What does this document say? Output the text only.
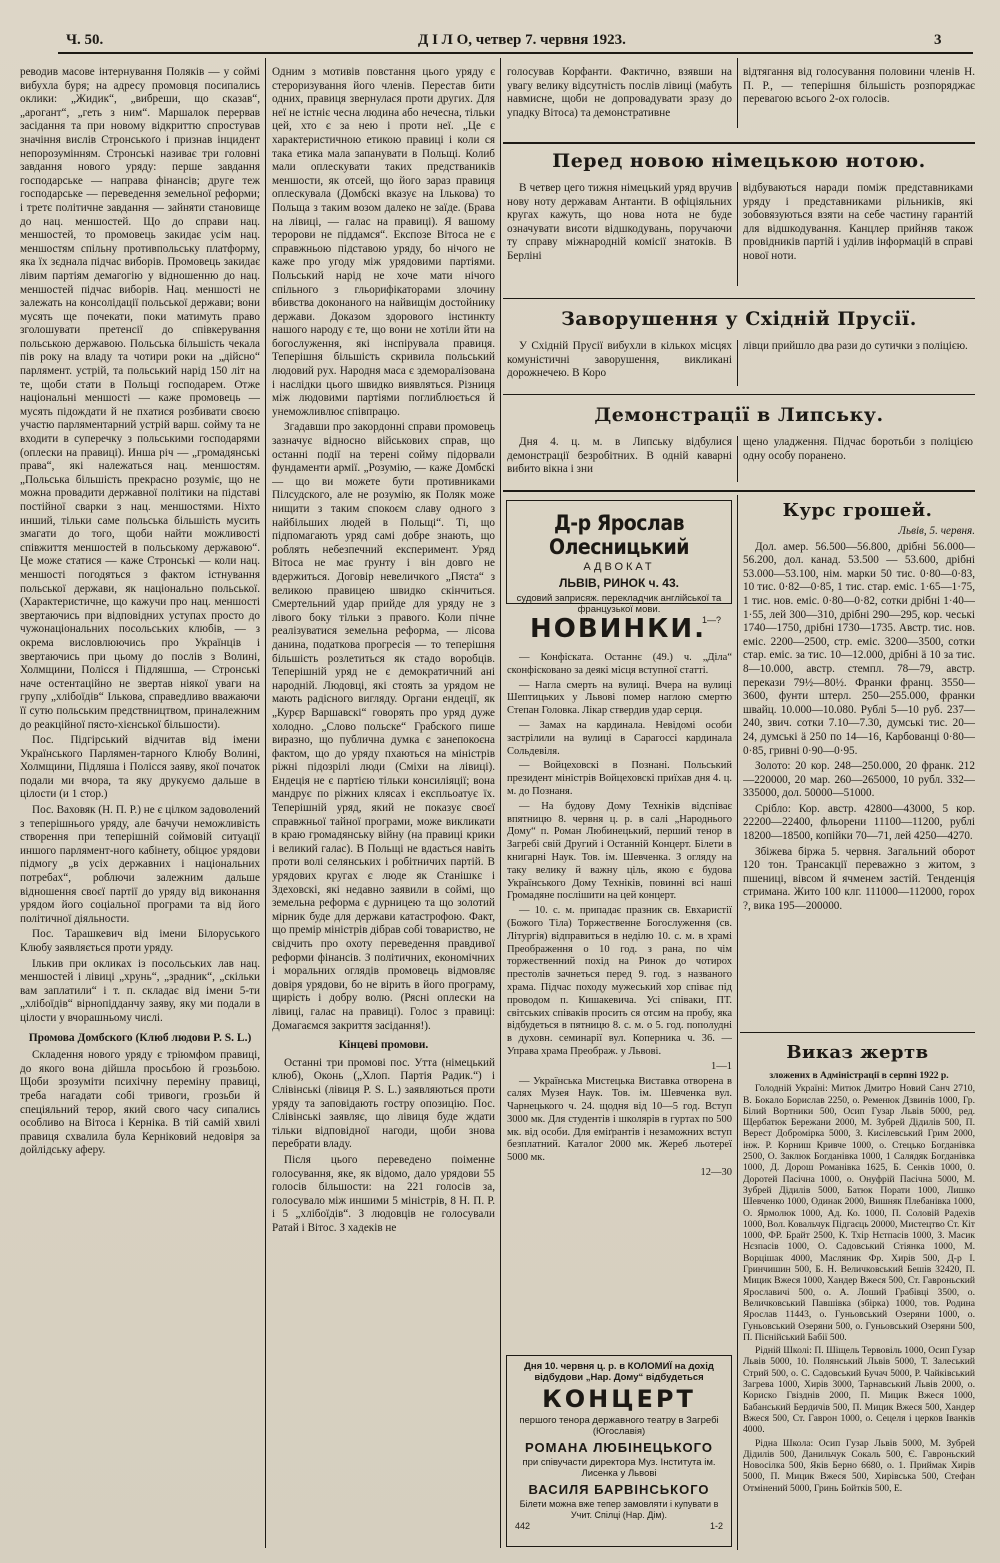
Ч. 50.	Д І Л О, четвер 7. червня 1923.	3

реводив масове інтернування Поляків — у соймі вибухла буря; на адресу промовця посипались оклики: „Жидик“, „вибреши, що сказав“, „арогант“, „геть з ним“. Маршалок перервав засідання та при новому відкриттю спростував значіння вислів Стронськоґо і признав інцидент непорозумінням. Стронські називає три головні завдання нового уряду: перше завдання господарське — направа фінансів; друге теж господарське — переведення земельної реформи; і третє політичне завдання — зайняти становище до нац. меншостей. Що до справи нац. меншостей, то промовець закидає усім нац. меншостям спільну противпольську платформу, яка їх зєднала підчас виборів. Промовець закидає лівим партіям демагогію у відношенню до нац. меншостей підчас виборів. Нац. меншості не залежать на консолідації польської держави; вони мусять ще почекати, поки матимуть право зголошувати претенсії до співкерування польською державою. Польська більшість чекала пів року на владу та чотири роки на „дійсно“ парлямент. устрій, та польський нарід 150 літ на те, щоби стати в Польщі господарем. Отже національні меншості — каже промовець — мусять підождати й не пхатися розбивати своєю участю парляментарний устрій варш. сойму та не входити в суперечку з польськими господарями (оплески на правиці). Инша річ — „громадянські права“, які належаться нац. меншостям. „Польська більшість прекрасно розуміє, що не можна провадити державної політики на підставі постійної сварки з нац. меншостями. Ніхто инший, тільки саме польська більшість мусить змагати до того, щоби найти можливості співжиття меншостей в польському державою“. Це може статися — каже Стронські — коли нац. меншості погодяться з фактом істнування польської держави, як національно польської. (Характеристичне, що кажучи про нац. меншості звертаючись при відповідних уступах просто до чужонаціональних посольських клюбів, — з окрема висловлюючись про Українців і звертаючись при цьому до послів з Волині, Холмщини, Полісся і Підляшша, — Стронські наче остентаційно не звертав ніякої уваги на групу „хлібоїдів“ Ількова, справедливо вважаючи її сутю польським предствництвом, приналежним до реакційної пясто-хієнської більшости).

Пос. Підгірський відчитав від імени Українського Парлямен-тарного Клюбу Волині, Холмщини, Підляша і Полісся заяву, якої початок подали ми вчора, та яку друкуємо дальше в цілости (и 1 стор.)

Пос. Ваховяк (Н. П. Р.) не є цілком задоволений з теперішнього уряду, але бачучи неможливість створення при теперішній соймовій ситуації иншого парлямент-ного кабінету, обіцює урядови підмогу „в усіх державних і національних потребах“, роблючи залежним дальше відношення своєї партії до уряду від виконання урядом його соціальної програми та від його політичної діяльности.

Пос. Тарашкевич від імени Білоруського Клюбу заявляється проти уряду.

Ількив при окликах із посольських лав нац. меншостей і лівиці „хрунь“, „зрадник“, „скільки вам заплатили“ і т. п. складає від імени 5-ти „хлібоїдів“ вірнопідданчу заяву, яку ми подали в цілости у вчорашньому числі.

Промова Домбского (Клюб людови P. S. L.)

Складення нового уряду є тріюмфом правиці, до якого вона дійшла просьбою й грозьбою. Щоби зрозуміти психічну переміну правиці, треба нагадати собі тривоги, грозьби й спеціяльний терор, який свого часу сипались особливо на Вітоса і Керніка. В тій самій хвилі правиця схвалила була Керніковий недовіря за дойлідську аферу.

Одним з мотивів повстання цього уряду є стероризування його членів. Перестав бити одних, правиця звернулася проти других. Для неї не істніє чесна людина або нечесна, тільки цей, хто є за нею і проти неї. „Це є характеристичною етикою правиці і коли ся така етика мала запанувати в Польщі. Колиб мали оплескувати таких предстваників меншости, як отсей, що його зараз правиця оплескувала (Домбскі вказує на Ількова) то Польща з таким возом далеко не заїде. (Брава на лівиці, — галас на правиці). Я вашому теророви не піддамся“. Експозе Вітоса не є справжньою підставою уряду, бо нічого не каже про угоду між урядовими партіями. Польський нарід не хоче мати нічого спільного з гльорифікаторами злочину вбивства доконаного на найвищім достойнику держави. Доказом здорового інстинкту нашого народу є те, що вони не хотіли йти на богослуження, які інспірувала правиця. Теперішня більшість скривила польський людовий рух. Народня маса є здеморалізована і наслідки цього швидко виявляться. Різниця між людовими партіями поглиблюється й унеможливлює співпрацю.

Згадавши про закордонні справи промовець зазначує відносно військових справ, що останні події на терені сойму підорвали фундаменти армії. „Розумію, — каже Домбскі — що ви можете бути противниками Пілсудского, але не розумію, як Поляк може нищити з таким спокоєм славу одного з найбільших людей в Польщі“. Ті, що підпомагають уряд самі добре знають, що роблять небезпечний експеримент. Уряд Вітоса не має ґрунту і він довго не вдержиться. Договір невеличкого „Пяста“ з великою правицею швидко скінчиться. Смертельний удар прийде для уряду не з лівого боку тільки з правого. Коли пічне реалізуватися земельна реформа, — лісова данина, податкова прогресія — то теперішня більшість розлетиться як стадо воробців. Теперішній уряд не є демократичний ані народній. Людовці, які стоять за урядом не мають радісного вигляду. Органи ендеції, як „Курєр Варшавскі“ говорять про уряд дуже холодно. „Слово польске“ Грабского пише виразно, що публична думка є занепокоєна фактом, що до уряду пхаються на міністрів ріжні підозрілі люди (Сміхи на лівиці). Ендеція не є партією тільки консиліяції; вона мандрує по ріжних клясах і експльоатує їх. Теперішній уряд, який не показує своєї справжньої тайної програми, може викликати в краю громадянську війну (на правиці крики і великий галас). В Польщі не вдасться навіть проти волі селянських і робітничих партій. В урядових кругах є люде як Станішкє і Здеховскі, які недавно заявили в соймі, що земельна реформа є дурницею та що золотий мірник буде для держави катастрофою. Факт, що премір міністрів дібрав собі товариство, не свідчить про охоту переведення правдивої реформи фінансів. З політичних, економічних і моральних оглядів промовець відмовляє довіря урядови, бо не вірить в його програму, щирість і добру волю. (Рясні оплески на лівиці, галас на правиці). Голос з правиці: Домагаємся закриття засідання!).

Кінцеві промови.

Останні три промові пос. Утта (німецький клюб), Оконь („Хлоп. Партія Радик.“) і Слівінські (лівиця P. S. L.) заявляються проти уряду та заповідають гостру опозицію. Пос. Слівінські заявляє, що лівиця буде ждати тільки відповідної нагоди, щоби знова перебрати владу.

Після цього переведено поіменне голосування, яке, як відомо, дало урядови 55 голосів більшости: на 221 голосів за, голосувало між иншими 5 міністрів, 8 Н. П. Р. і 5 „хлібоїдів“. З людовців не голосували Ратай і Вітос. З хадеків не

голосував Корфанти. Фактично, взявши на увагу велику відсутність послів лівиці (мабуть навмисне, щоби не допровадувати зразу до упадку Вітоса) та демонстративне

відтягання від голосування половини членів Н. П. Р., — теперішня більшість розпоряджає перевагою всього 2-ох голосів.

Перед новою німецькою нотою.

В четвер цего тижня німецький уряд вручив нову ноту державам Антанти. В офіціяльних кругах кажуть, що нова нота не буде означувати висоти відшкодувань, поручаючи ту справу міжнародній комісії знатоків. В Берліні

відбуваються наради поміж представниками уряду і представниками рільників, які зобовязуються взяти на себе частину гарантій для відшкодування. Канцлер прийняв також провідників партій і уділив інформацій в справі нової ноти.

Заворушення у Східній Прусії.

У Східній Прусії вибухли в кількох місцях комуністичні заворушення, викликані дорожнечею. В Коро

лівци прийшло два рази до сутички з поліцією.

Демонстрації в Липську.

Дня 4. ц. м. в Липську відбулися демонстрації безробітних. В одній каварні вибито вікна і зни

щено уладження. Підчас боротьби з поліцією одну особу поранено.

Д-р Ярослав Олесницький
АДВОКАТ
ЛЬВІВ, РИНОК ч. 43.
судовий заприсяж. перекладчик англійської та французької мови.
1—?
НОВИНКИ.

— Конфіската. Останнє (49.) ч. „Діла“ сконфісковано за деякі місця вступної статті.

— Нагла смерть на вулиці. Вчера на вулиці Шептицьких у Львові помер наглою смертю Степан Головка. Лікар ствердив удар серця.

— Замах на кардинала. Невідомі особи застрілили на вулиці в Сарагоссі кардинала Сольдевіля.

— Войцеховскі в Познані. Польський президент міністрів Войцеховскі приїхав дня 4. ц. м. до Познаня.

— На будову Дому Техніків відспіває впятницю 8. червня ц. р. в салі „Народнього Дому“ п. Роман Любинецький, перший тенор в Загребі свій Другий і Останній Концерт. Білети в книгарні Наук. Тов. ім. Шевченка. З огляду на таку велику й важну ціль, якою є будова Українського Дому Техніків, повинні всі наші Громадяне послішити на цей концерт.

— 10. с. м. припадає празник св. Евхаристії (Божого Тіла) Торжественне Богослуження (св. Літургія) відправиться в неділю 10. с. м. в храмі Преображення о 10 год. з рана, по чім торжественний похід на Ринок до чотирох престолів зачнеться перед 9. год. з названого храма. Підчас походу мужеський хор співає під проводом п. Кишакевича. Усі співаки, ПТ. світських співаків просить ся отсим на пробу, яка відбудеться в пятницю 8. с. м. о 5. год. пополудні в духовн. семинарії вул. Коперника ч. 36. — Управа храма Преображ. у Львові.

1—1

— Українська Мистецька Виставка отворена в салях Музея Наук. Тов. ім. Шевченка вул. Чарнецького ч. 24. щодня від 10—5 год. Вступ 3000 мк. Для студентів і школярів в гуртах по 500 мк. від особи. Для еміґрантів і незаможних вступ безплатний. Каталог 2000 мк. Жереб льотереї 5000 мк.

12—30

Дня 10. червня ц. р. в КОЛОМИЇ на дохід відбудови „Нар. Дому“ відбудеться
КОНЦЕРТ
першого тенора державного театру в Загребі (Югославія)
РОМАНА ЛЮБІНЕЦЬКОГО
при співучасти директора Муз. Інститута ім. Лисенка у Львові
ВАСИЛЯ БАРВІНСЬКОГО
Білети можна вже тепер замовляти і купувати в Учит. Спілці (Нар. Дім).
442	1-2
Курс грошей.

Львів, 5. червня.

Дол. амер. 56.500—56.800, дрібні 56.000—56.200, дол. канад. 53.500 — 53.600, дрібні 53.000—53.100, нім. марки 50 тис. 0·80—0·83, 10 тис. 0·82—0·85, 1 тис. стар. еміс. 1·65—1·75, 1 тис. нов. еміс. 0·80—0·82, сотки дрібні 1·40—1·55, лей 300—310, дрібні 290—295, кор. чеські 1740—1750, дрібні 1730—1735. Австр. тис. нов. еміс. 2200—2500, стр. еміс. 3200—3500, сотки стар. еміс. за тис. 10—12.000, дрібні ä 10 за тис. 8—10.000, австр. стемпл. 78—79, австр. перекази 79½—80½. Франки франц. 3550—3600, фунти штерл. 250—255.000, франки швайц. 10.000—10.080. Рублі 5—10 руб. 237—240, звич. сотки 7.10—7.30, думські тис. 20—24, думські ä 250 по 14—16, Карбованці 0·80—0·85, гривні 0·90—0·95.

Золото: 20 кор. 248—250.000, 20 франк. 212—220000, 20 мар. 260—265000, 10 рубл. 332—335000, дол. 50000—51000.

Срібло: Кор. австр. 42800—43000, 5 кор. 22200—22400, фльорени 11100—11200, рублі 18200—18500, копійки 70—71, лей 4250—4270.

Збіжева біржа 5. червня. Загальний оборот 120 тон. Трансакції переважно з житом, з пшениці, вівсом й ячменем застій. Тенденція стримана. Жито 100 клг. 111000—112000, горох ?, вика 195—200000.

Виказ жертв

зложених в Адміністрації в серпні 1922 р.

Голодній Україні: Митюк Дмитро Новий Санч 2710, В. Бокало Борислав 2250, о. Ременюк Дзвинів 1000, Гр. Білий Вортники 500, Осип Гузар Львів 5000, ред. Щербатюк Бережани 2000, М. Зубрей Дідилів 500, П. Верест Добромірка 5000, З. Кисілевський Грим 2000, інж. Р. Корниш Кривче 1000, о. Стецько Богданівка 2500, О. Заклюк Богданівка 1000, 1 Салядяк Богданівка 1000, Д. Дорош Романівка 1625, Б. Сенків 1000, 0. Доротей Пасічна 1000, о. Онуфрій Пасічна 5000, М. Зубрей Дідилів 5000, Батюк Порати 1000, Лишко Шевченко 1000, Одинак 2000, Вишняк Плебанівка 1000, О. Ярмолюк 1000, Ад. Ко. 1000, П. Соловій Радехів 1000, Вол. Ковальчук Підгаєць 20000, Мистецтво Ст. Кіт 1000, ФР. Брайт 2500, К. Тхір Нєтпасів 1000, З. Масик Нєзпасів 1000, О. Садовський Стіянка 1000, М. Ворцішак 4000, Масляник Фр. Хирів 500, Д-р І. Гринчишин 500, Б. Н. Величковський Бешів 32420, П. Мицик Вжеся 1000, Хандер Вжеся 500, Ст. Гавроньский Ярославичі 500, о. А. Лоший Грабівці 3500, о. Величковський Павшівка (збірка) 1000, тов. Родина Ярослав 11443, о. Гуньовський Озеряни 1000, о. Гуньовський Озеряни 500, о. Гуньовський Озеряни 500, П. Піснійський Бабії 500.

Рідній Школі: П. Шіщель Тервовіль 1000, Осип Гузар Львів 5000, 10. Полянський Львів 5000, Т. Залеський Стрий 500, о. С. Садовський Бучач 5000, Р. Чайківський Загрева 1000, Хирів 3000, Тарнавський Львів 2000, о. Кориско Гвізднів 2000, П. Мицик Вжеся 1000, Бабанський Бердичів 500, П. Мицик Вжеся 500, Хандер Вжеся 500, Ст. Гаврон 1000, о. Сецеля і церков Іванків 4000.

Рідна Школа: Осип Гузар Львів 5000, М. Зубрей Дідилів 500, Данильчук Сокаль 500, Є. Гавроньский Новосілка 500, Яків Берно 6680, о. 1. Приймак Хирів 5000, П. Мицик Вжеся 500, Хирівська 500, Стефан Отмінений 5000, Гринь Бойтків 500, Е.
